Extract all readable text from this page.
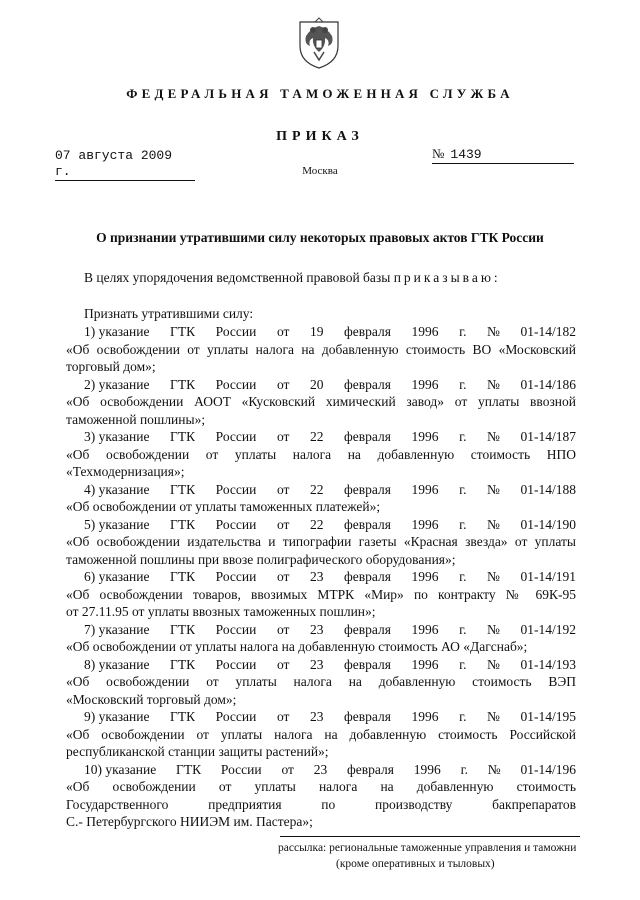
ФЕДЕРАЛЬНАЯ ТАМОЖЕННАЯ СЛУЖБА
ПРИКАЗ
07 августа 2009 г.
№ 1439
Москва
О признании утратившими силу некоторых правовых актов ГТК России
В целях упорядочения ведомственной правовой базы приказываю:
Признать утратившими силу:
1) указание ГТК России от 19 февраля 1996 г. № 01-14/182
«Об освобождении от уплаты налога на добавленную стоимость ВО «Московский
торговый дом»;
2) указание ГТК России от 20 февраля 1996 г. № 01-14/186
«Об освобождении АООТ «Кусковский химический завод» от уплаты ввозной
таможенной пошлины»;
3) указание ГТК России от 22 февраля 1996 г. № 01-14/187
«Об освобождении от уплаты налога на добавленную стоимость НПО
«Техмодернизация»;
4) указание ГТК России от 22 февраля 1996 г. № 01-14/188
«Об освобождении от уплаты таможенных платежей»;
5) указание ГТК России от 22 февраля 1996 г. № 01-14/190
«Об освобождении издательства и типографии газеты «Красная звезда» от уплаты
таможенной пошлины при ввозе полиграфического оборудования»;
6) указание ГТК России от 23 февраля 1996 г. № 01-14/191
«Об освобождении товаров, ввозимых МТРК «Мир» по контракту № 69К-95
от 27.11.95 от уплаты ввозных таможенных пошлин»;
7) указание ГТК России от 23 февраля 1996 г. № 01-14/192
«Об освобождении от уплаты налога на добавленную стоимость АО «Дагснаб»;
8) указание ГТК России от 23 февраля 1996 г. № 01-14/193
«Об освобождении от уплаты налога на добавленную стоимость ВЭП
«Московский торговый дом»;
9) указание ГТК России от 23 февраля 1996 г. № 01-14/195
«Об освобождении от уплаты налога на добавленную стоимость Российской
республиканской станции защиты растений»;
10) указание ГТК России от 23 февраля 1996 г. № 01-14/196
«Об освобождении от уплаты налога на добавленную стоимость
Государственного предприятия по производству бакпрепаратов
С.- Петербургского НИИЭМ им. Пастера»;
рассылка: региональные таможенные управления и таможни
(кроме оперативных и тыловых)
